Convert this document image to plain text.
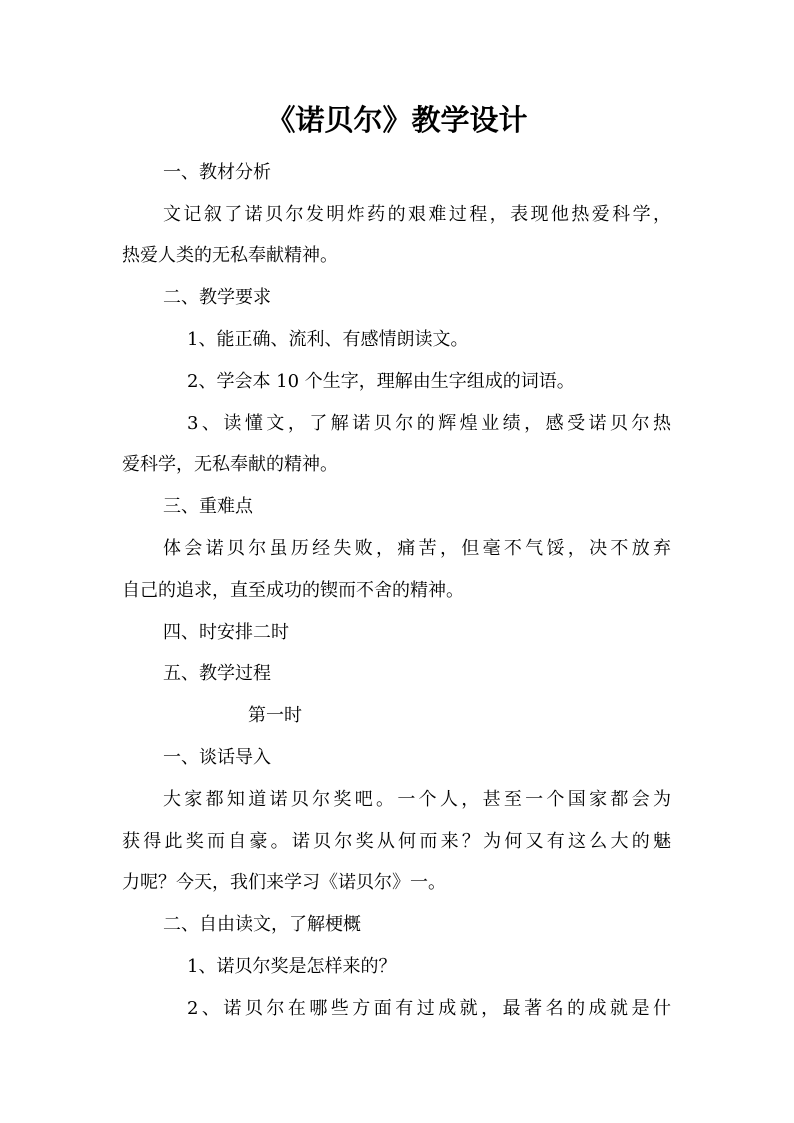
《诺贝尔》教学设计
一、教材分析
文记叙了诺贝尔发明炸药的艰难过程，表现他热爱科学，
热爱人类的无私奉献精神。
二、教学要求
1、能正确、流利、有感情朗读文。
2、学会本 10 个生字，理解由生字组成的词语。
3、读懂文，了解诺贝尔的辉煌业绩，感受诺贝尔热
爱科学，无私奉献的精神。
三、重难点
体会诺贝尔虽历经失败，痛苦，但毫不气馁，决不放弃
自己的追求，直至成功的锲而不舍的精神。
四、时安排二时
五、教学过程
第一时
一、谈话导入
大家都知道诺贝尔奖吧。一个人，甚至一个国家都会为
获得此奖而自豪。诺贝尔奖从何而来？为何又有这么大的魅
力呢？今天，我们来学习《诺贝尔》一。
二、自由读文，了解梗概
1、诺贝尔奖是怎样来的？
2、诺贝尔在哪些方面有过成就，最著名的成就是什
